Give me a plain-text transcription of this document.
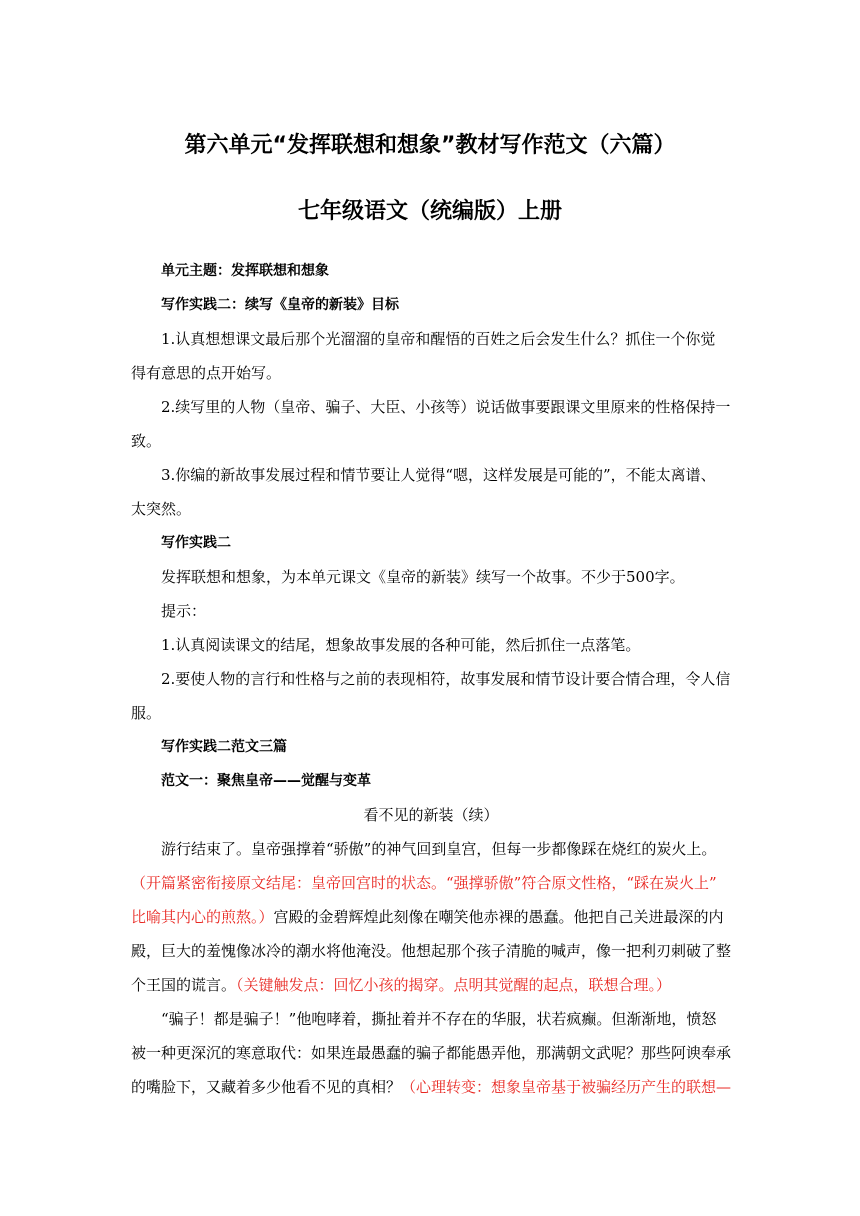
第六单元“发挥联想和想象”教材写作范文（六篇）
七年级语文（统编版）上册

单元主题：发挥联想和想象

写作实践二：续写《皇帝的新装》目标

1.认真想想课文最后那个光溜溜的皇帝和醒悟的百姓之后会发生什么？抓住一个你觉

得有意思的点开始写。

2.续写里的人物（皇帝、骗子、大臣、小孩等）说话做事要跟课文里原来的性格保持一

致。

3.你编的新故事发展过程和情节要让人觉得“嗯，这样发展是可能的”，不能太离谱、

太突然。

写作实践二

发挥联想和想象，为本单元课文《皇帝的新装》续写一个故事。不少于500字。

提示：

1.认真阅读课文的结尾，想象故事发展的各种可能，然后抓住一点落笔。

2.要使人物的言行和性格与之前的表现相符，故事发展和情节设计要合情合理，令人信

服。

写作实践二范文三篇

范文一：聚焦皇帝——觉醒与变革

看不见的新装（续）

游行结束了。皇帝强撑着“骄傲”的神气回到皇宫，但每一步都像踩在烧红的炭火上。

（开篇紧密衔接原文结尾：皇帝回宫时的状态。“强撑骄傲”符合原文性格，“踩在炭火上”

比喻其内心的煎熬。）宫殿的金碧辉煌此刻像在嘲笑他赤裸的愚蠢。他把自己关进最深的内

殿，巨大的羞愧像冰冷的潮水将他淹没。他想起那个孩子清脆的喊声，像一把利刃刺破了整

个王国的谎言。（关键触发点：回忆小孩的揭穿。点明其觉醒的起点，联想合理。）

“骗子！都是骗子！”他咆哮着，撕扯着并不存在的华服，状若疯癫。但渐渐地，愤怒

被一种更深沉的寒意取代：如果连最愚蠢的骗子都能愚弄他，那满朝文武呢？那些阿谀奉承

的嘴脸下，又藏着多少他看不见的真相？（心理转变：想象皇帝基于被骗经历产生的联想—
